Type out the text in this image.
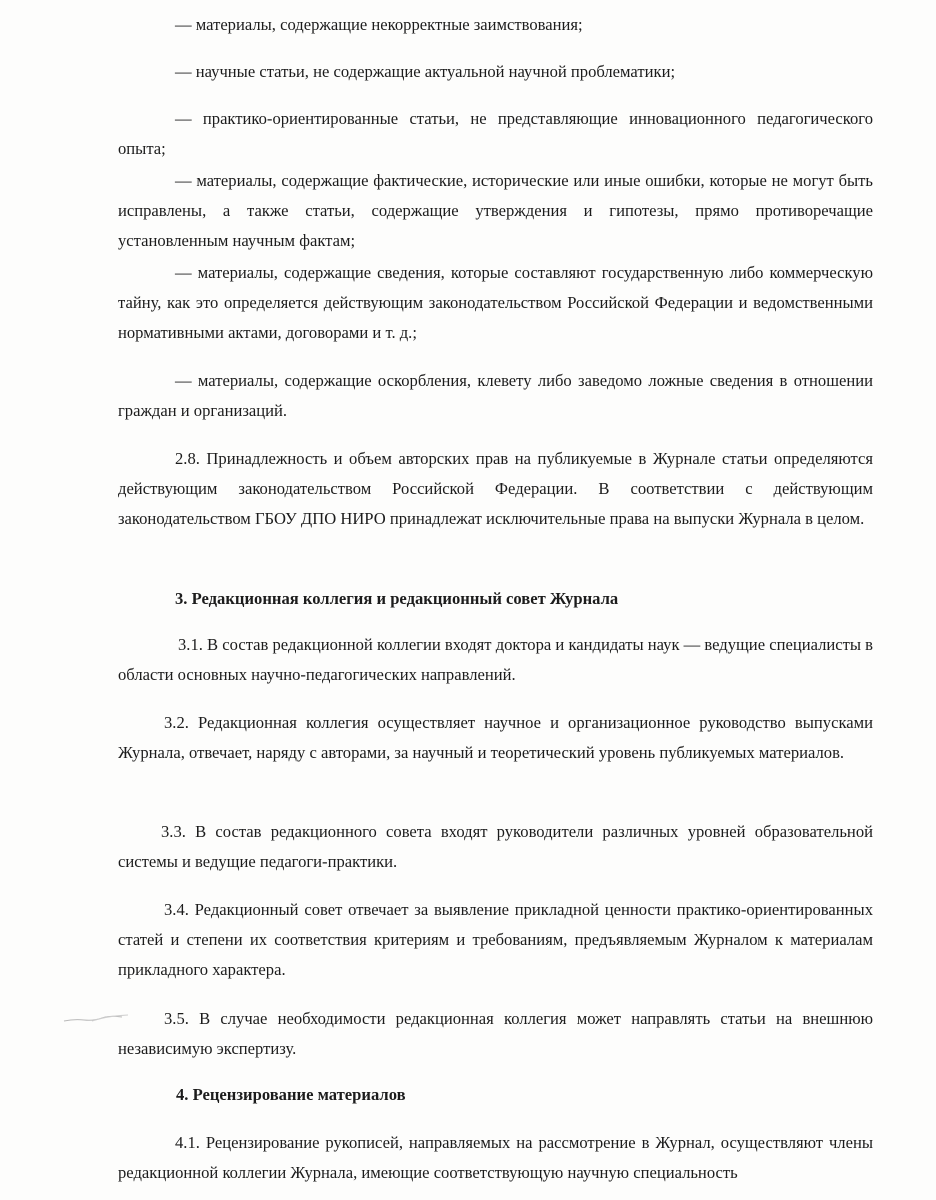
— материалы, содержащие некорректные заимствования;

— научные статьи, не содержащие актуальной научной проблематики;

— практико-ориентированные статьи, не представляющие инновационного педагогического опыта;

— материалы, содержащие фактические, исторические или иные ошибки, которые не могут быть исправлены, а также статьи, содержащие утверждения и гипотезы, прямо противоречащие установленным научным фактам;

— материалы, содержащие сведения, которые составляют государственную либо коммерческую тайну, как это определяется действующим законодательством Российской Федерации и ведомственными нормативными актами, договорами и т. д.;

— материалы, содержащие оскорбления, клевету либо заведомо ложные сведения в отношении граждан и организаций.

2.8. Принадлежность и объем авторских прав на публикуемые в Журнале статьи определяются действующим законодательством Российской Федерации. В соответствии с действующим законодательством ГБОУ ДПО НИРО принадлежат исключительные права на выпуски Журнала в целом.

3. Редакционная коллегия и редакционный совет Журнала

3.1. В состав редакционной коллегии входят доктора и кандидаты наук — ведущие специалисты в области основных научно-педагогических направлений.

3.2. Редакционная коллегия осуществляет научное и организационное руководство выпусками Журнала, отвечает, наряду с авторами, за научный и теоретический уровень публикуемых материалов.

3.3. В состав редакционного совета входят руководители различных уровней образовательной системы и ведущие педагоги-практики.

3.4. Редакционный совет отвечает за выявление прикладной ценности практико-ориентированных статей и степени их соответствия критериям и требованиям, предъявляемым Журналом к материалам прикладного характера.

3.5. В случае необходимости редакционная коллегия может направлять статьи на внешнюю независимую экспертизу.

4. Рецензирование материалов

4.1. Рецензирование рукописей, направляемых на рассмотрение в Журнал, осуществляют члены редакционной коллегии Журнала, имеющие соответствующую научную специальность
